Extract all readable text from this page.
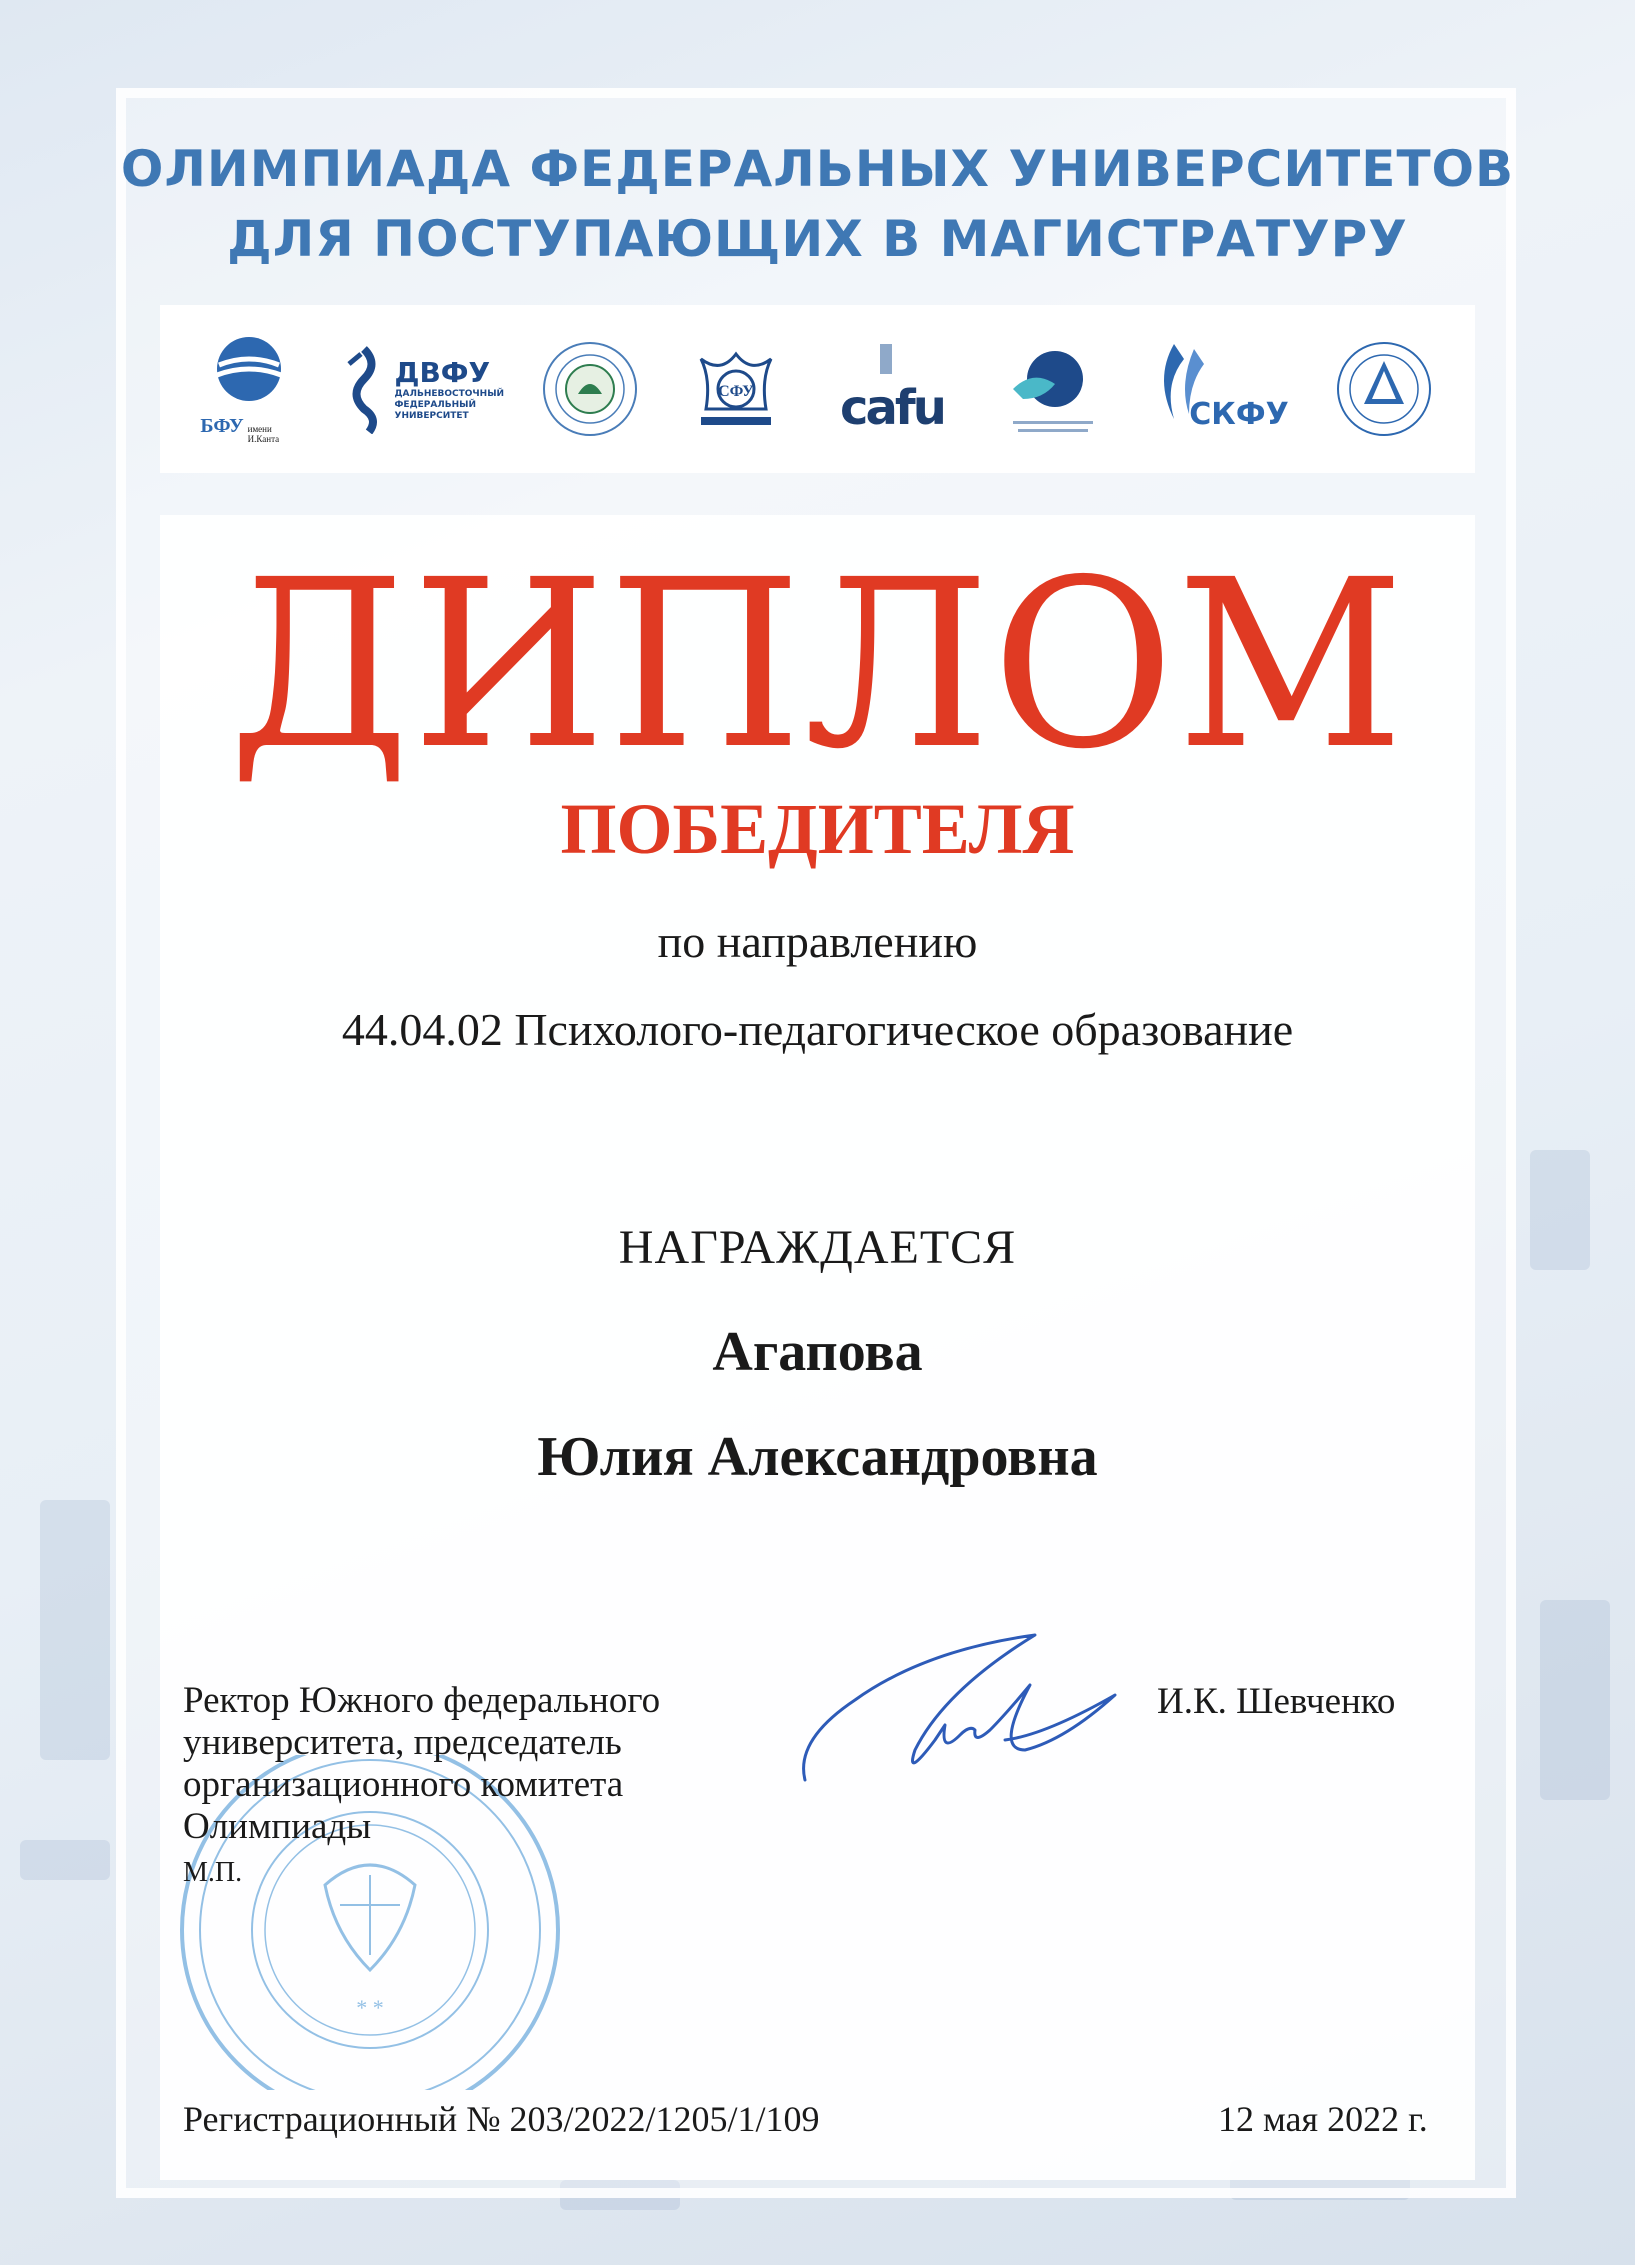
ОЛИМПИАДА ФЕДЕРАЛЬНЫХ УНИВЕРСИТЕТОВ
ДЛЯ ПОСТУПАЮЩИХ В МАГИСТРАТУРУ
БФУ имени И.Канта
ДВФУ
ДАЛЬНЕВОСТОЧНЫЙ ФЕДЕРАЛЬНЫЙ УНИВЕРСИТЕТ
СФУ cafu	СКФУ
ДИПЛОМ
ПОБЕДИТЕЛЯ
по направлению
44.04.02 Психолого-педагогическое образование
НАГРАЖДАЕТСЯ
Агапова
Юлия Александровна
* *
Ректор Южного федерального
университета, председатель
организационного комитета
Олимпиады
М.П.
И.К. Шевченко
Регистрационный № 203/2022/1205/1/109	12 мая 2022 г.
